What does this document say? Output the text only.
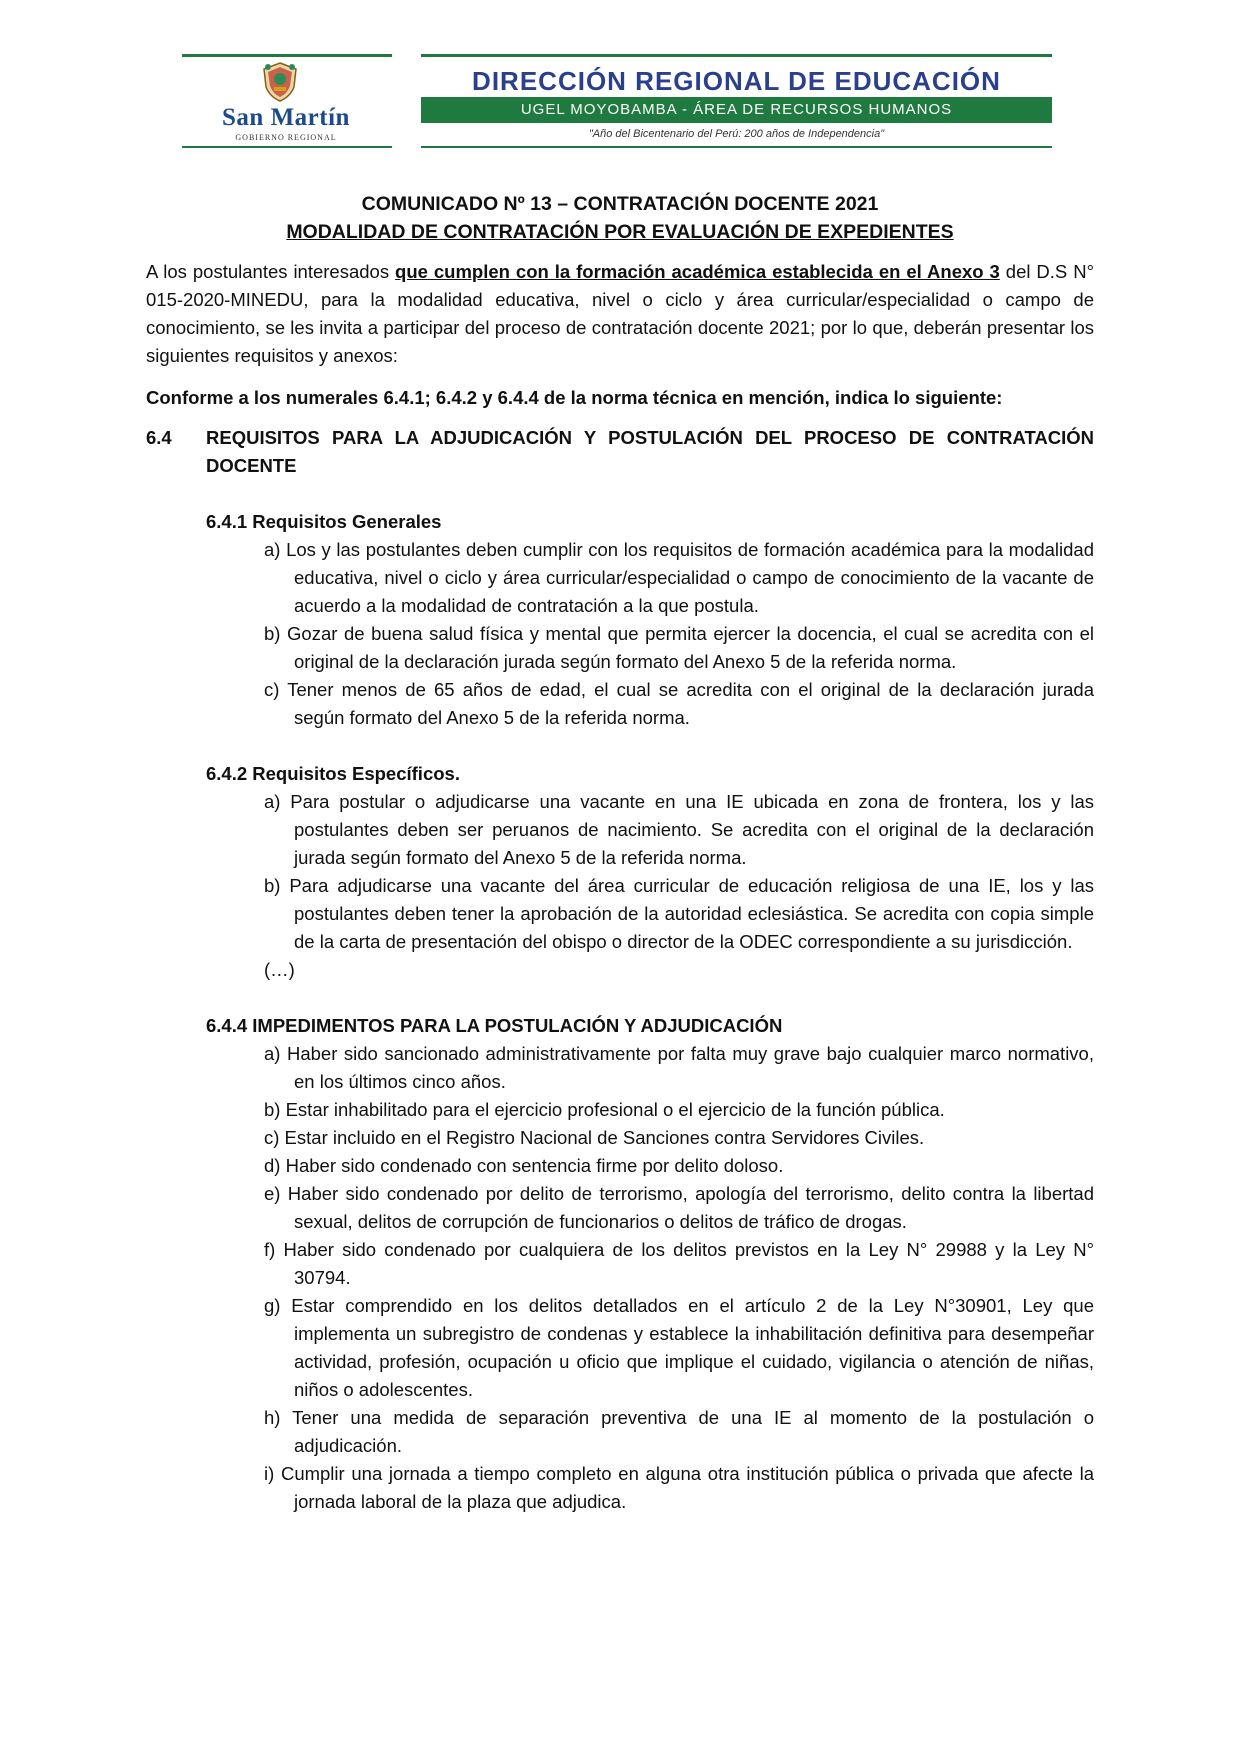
San Martín
GOBIERNO REGIONAL
DIRECCIÓN REGIONAL DE EDUCACIÓN
UGEL MOYOBAMBA - ÁREA DE RECURSOS HUMANOS
"Año del Bicentenario del Perú: 200 años de Independencia"
COMUNICADO Nº 13 – CONTRATACIÓN DOCENTE 2021
MODALIDAD DE CONTRATACIÓN POR EVALUACIÓN DE EXPEDIENTES

A los postulantes interesados que cumplen con la formación académica establecida en el Anexo 3 del D.S N° 015-2020-MINEDU, para la modalidad educativa, nivel o ciclo y área curricular/especialidad o campo de conocimiento, se les invita a participar del proceso de contratación docente 2021; por lo que, deberán presentar los siguientes requisitos y anexos:

Conforme a los numerales 6.4.1; 6.4.2 y 6.4.4 de la norma técnica en mención, indica lo siguiente:

6.4	REQUISITOS PARA LA ADJUDICACIÓN Y POSTULACIÓN DEL PROCESO DE CONTRATACIÓN DOCENTE
6.4.1 Requisitos Generales
a) Los y las postulantes deben cumplir con los requisitos de formación académica para la modalidad educativa, nivel o ciclo y área curricular/especialidad o campo de conocimiento de la vacante de acuerdo a la modalidad de contratación a la que postula.
b) Gozar de buena salud física y mental que permita ejercer la docencia, el cual se acredita con el original de la declaración jurada según formato del Anexo 5 de la referida norma.
c) Tener menos de 65 años de edad, el cual se acredita con el original de la declaración jurada según formato del Anexo 5 de la referida norma.
6.4.2 Requisitos Específicos.
a) Para postular o adjudicarse una vacante en una IE ubicada en zona de frontera, los y las postulantes deben ser peruanos de nacimiento. Se acredita con el original de la declaración jurada según formato del Anexo 5 de la referida norma.
b) Para adjudicarse una vacante del área curricular de educación religiosa de una IE, los y las postulantes deben tener la aprobación de la autoridad eclesiástica. Se acredita con copia simple de la carta de presentación del obispo o director de la ODEC correspondiente a su jurisdicción.
(…)
6.4.4 IMPEDIMENTOS PARA LA POSTULACIÓN Y ADJUDICACIÓN
a) Haber sido sancionado administrativamente por falta muy grave bajo cualquier marco normativo, en los últimos cinco años.
b) Estar inhabilitado para el ejercicio profesional o el ejercicio de la función pública.
c) Estar incluido en el Registro Nacional de Sanciones contra Servidores Civiles.
d) Haber sido condenado con sentencia firme por delito doloso.
e) Haber sido condenado por delito de terrorismo, apología del terrorismo, delito contra la libertad sexual, delitos de corrupción de funcionarios o delitos de tráfico de drogas.
f) Haber sido condenado por cualquiera de los delitos previstos en la Ley N° 29988 y la Ley N° 30794.
g) Estar comprendido en los delitos detallados en el artículo 2 de la Ley N°30901, Ley que implementa un subregistro de condenas y establece la inhabilitación definitiva para desempeñar actividad, profesión, ocupación u oficio que implique el cuidado, vigilancia o atención de niñas, niños o adolescentes.
h) Tener una medida de separación preventiva de una IE al momento de la postulación o adjudicación.
i) Cumplir una jornada a tiempo completo en alguna otra institución pública o privada que afecte la jornada laboral de la plaza que adjudica.
